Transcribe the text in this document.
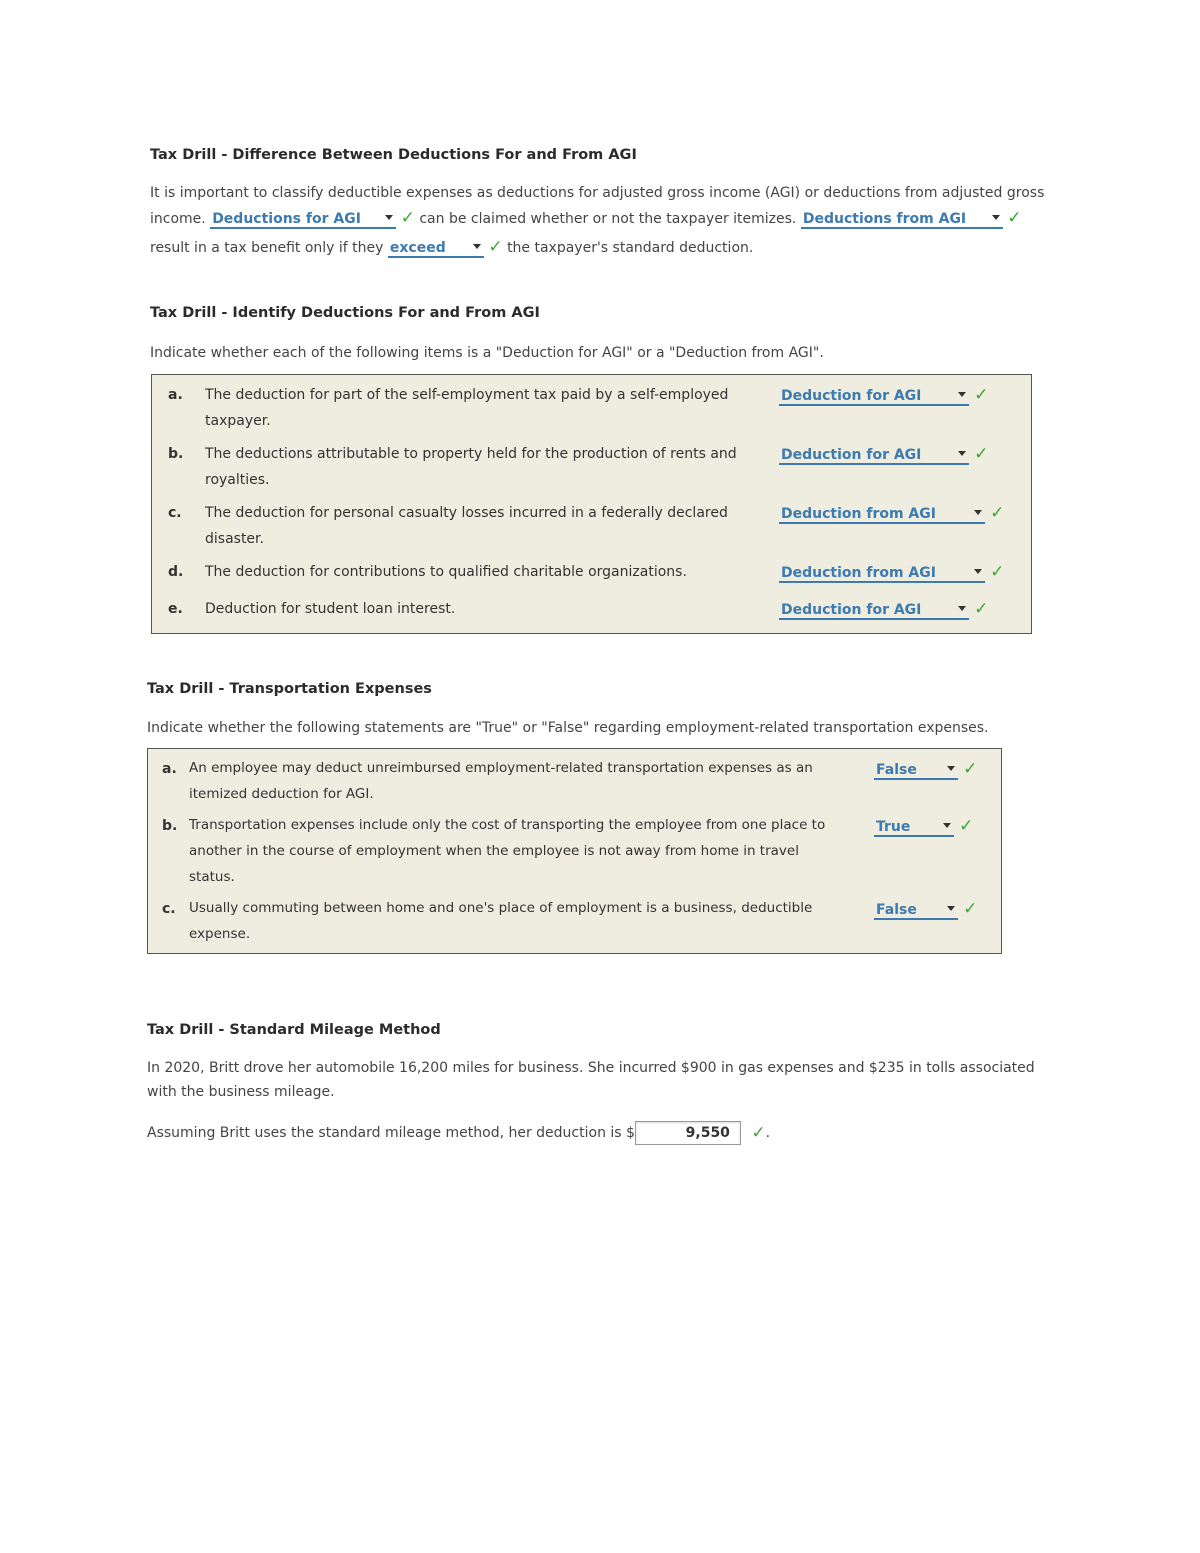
Tax Drill - Difference Between Deductions For and From AGI
It is important to classify deductible expenses as deductions for adjusted gross income (AGI) or deductions from adjusted gross
income. Deductions for AGI ✓ can be claimed whether or not the taxpayer itemizes. Deductions from AGI ✓
result in a tax benefit only if they exceed	✓ the taxpayer's standard deduction.
Tax Drill - Identify Deductions For and From AGI
Indicate whether each of the following items is a "Deduction for AGI" or a "Deduction from AGI".
a. The deduction for part of the self-employment tax paid by a self-employed
taxpayer.
Deduction for AGI	✓
b. The deductions attributable to property held for the production of rents and
royalties.
Deduction for AGI	✓
c. The deduction for personal casualty losses incurred in a federally declared
disaster.
Deduction from AGI	✓
d. The deduction for contributions to qualified charitable organizations.	Deduction from AGI	✓
e. Deduction for student loan interest.	Deduction for AGI	✓
Tax Drill - Transportation Expenses
Indicate whether the following statements are "True" or "False" regarding employment-related transportation expenses.
a. An employee may deduct unreimbursed employment-related transportation expenses as an
itemized deduction for AGI.
False	✓
b. Transportation expenses include only the cost of transporting the employee from one place to
another in the course of employment when the employee is not away from home in travel
status.
True	✓
c. Usually commuting between home and one's place of employment is a business, deductible
expense.
False	✓
Tax Drill - Standard Mileage Method
In 2020, Britt drove her automobile 16,200 miles for business. She incurred $900 in gas expenses and $235 in tolls associated
with the business mileage.
Assuming Britt uses the standard mileage method, her deduction is $	9,550 ✓.
